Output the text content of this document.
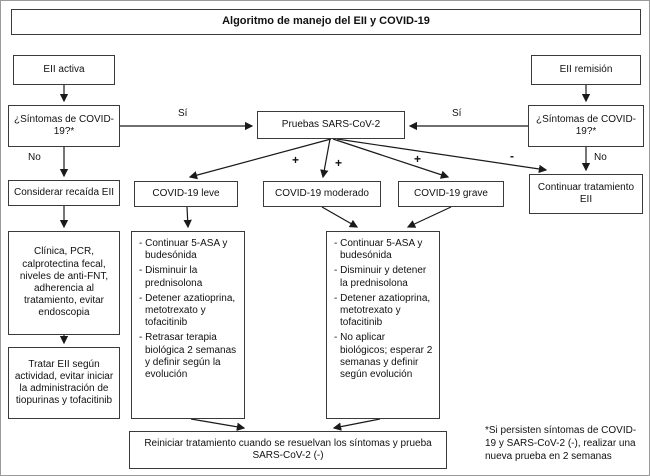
Algoritmo de manejo del EII y COVID-19
EII activa	EII remisión
¿Síntomas de COVID-19?*
Pruebas SARS-CoV-2	¿Síntomas de COVID-19?*
Considerar recaída EII	COVID-19 leve	COVID-19 moderado	COVID-19 grave
Continuar tratamiento EII
Clínica, PCR, calprotectina fecal, niveles de anti-FNT, adherencia al tratamiento, evitar endoscopia
Tratar EII según actividad, evitar iniciar la administración de tiopurinas y tofacitinib
- Continuar 5-ASA y budesónida
- Disminuir la prednisolona
- Detener azatioprina, metotrexato y tofacitinib
- Retrasar terapia biológica 2 semanas y definir según la evolución
- Continuar 5-ASA y budesónida
- Disminuir y detener la prednisolona
- Detener azatioprina, metotrexato y tofacitinib
- No aplicar biológicos; esperar 2 semanas y definir según evolución
Reiniciar tratamiento cuando se resuelvan los síntomas y prueba SARS-CoV-2 (-)
Sí	Sí
No	No
+	+	+	-
*Si persisten síntomas de COVID-19 y SARS-CoV-2 (-), realizar una nueva prueba en 2 semanas
